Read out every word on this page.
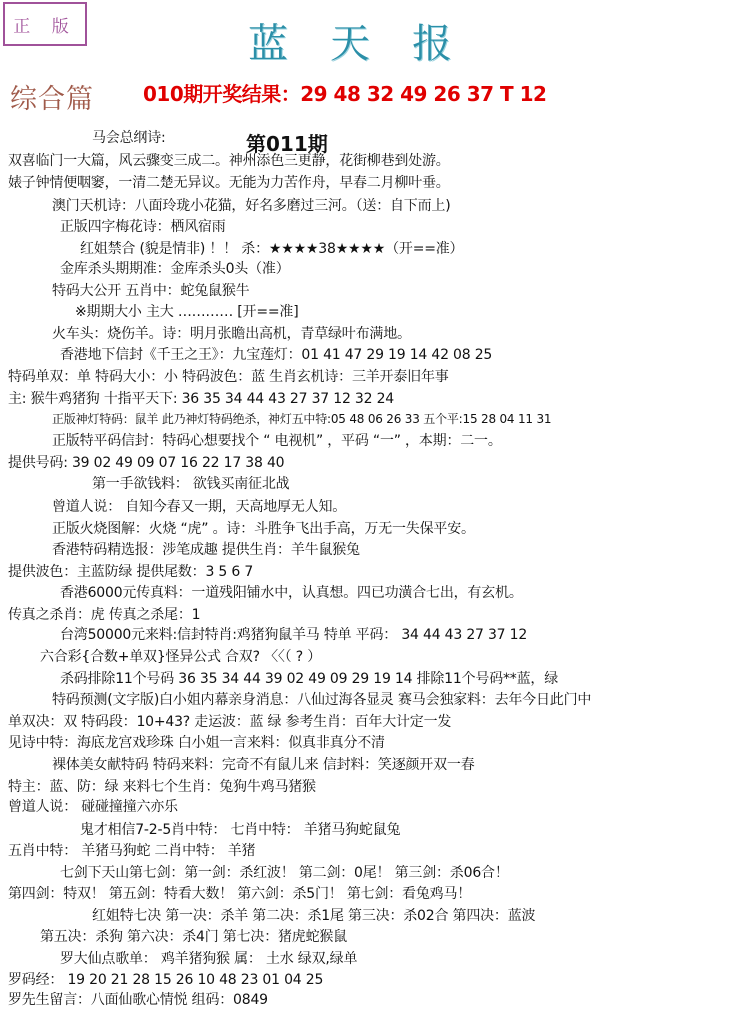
正 版	蓝天报
综合篇 010期开奖结果：29 48 32 49 26 37 T 12
第011期
马会总纲诗:
双喜临门一大篇，风云骤变三成二。神州添色三更静，花街柳巷到处游。
婊子钟情便咽窭，一清二楚无异议。无能为力苦作舟，早春二月柳叶垂。
澳门天机诗：八面玲珑小花猫，好名多磨过三河。（送：自下而上)
正版四字梅花诗：栖风宿雨
红姐禁合 (貌是情非) ！！ 杀：★★★★38★★★★（开==准）
金库杀头期期准：金库杀头0头（准）
特码大公开 五肖中：蛇兔鼠猴牛
※期期大小 主大 ………… [开==准]
火车头：烧伤羊。诗：明月张瞻出高机，青草绿叶布满地。
香港地下信封《千王之王》：九宝莲灯：01 41 47 29 19 14 42 08 25
特码单双：单 特码大小：小 特码波色：蓝 生肖玄机诗：三羊开泰旧年事
主: 猴牛鸡猪狗 十指平天下: 36 35 34 44 43 27 37 12 32 24
正版神灯特码：鼠羊 此乃神灯特码绝杀，神灯五中特:05 48 06 26 33 五个平:15 28 04 11 31
正版特平码信封：特码心想要找个 “ 电视机” ，平码 “一” ，本期：二一。
提供号码: 39 02 49 09 07 16 22 17 38 40
第一手欲钱料： 欲钱买南征北战
曾道人说： 自知今春又一期，天高地厚无人知。
正版火烧图解：火烧 “虎” 。诗：斗胜争飞出手高，万无一失保平安。
香港特码精选报：涉笔成趣 提供生肖：羊牛鼠猴兔
提供波色：主蓝防绿 提供尾数：3 5 6 7
香港6000元传真料：一道残阳铺水中，认真想。四已功潢合七出，有玄机。
传真之杀肖：虎 传真之杀尾：1
台湾50000元来料:信封特肖:鸡猪狗鼠羊马 特单 平码： 34 44 43 27 37 12
六合彩{合数+单双}怪异公式 合双? 〈〈（ ? ）
杀码排除11个号码 36 35 34 44 39 02 49 09 29 19 14 排除11个号码**蓝，绿
特码预测(文字版)白小姐内幕亲身消息：八仙过海各显灵 赛马会独家料：去年今日此门中
单双决：双 特码段：10+43? 走运波：蓝 绿 参考生肖：百年大计定一发
见诗中特：海底龙宫戏珍珠 白小姐一言来料：似真非真分不清
裸体美女献特码 特码来料：完奇不有鼠儿来 信封料：笑逐颜开双一春
特主：蓝、防：绿 来料七个生肖：兔狗牛鸡马猪猴
曾道人说： 碰碰撞撞六亦乐
鬼才相信7-2-5肖中特： 七肖中特： 羊猪马狗蛇鼠兔
五肖中特： 羊猪马狗蛇 二肖中特： 羊猪
七剑下天山第七剑：第一剑：杀红波！ 第二剑：0尾！ 第三剑：杀06合！
第四剑：特双！ 第五剑：特看大数！ 第六剑：杀5门！ 第七剑：看兔鸡马！
红姐特七决 第一决：杀羊 第二决：杀1尾 第三决：杀02合 第四决：蓝波
第五决：杀狗 第六决：杀4门 第七决：猪虎蛇猴鼠
罗大仙点歌单： 鸡羊猪狗猴 属： 土水 绿双,绿单
罗码经： 19 20 21 28 15 26 10 48 23 01 04 25
罗先生留言：八面仙歌心情悦 组码：0849
